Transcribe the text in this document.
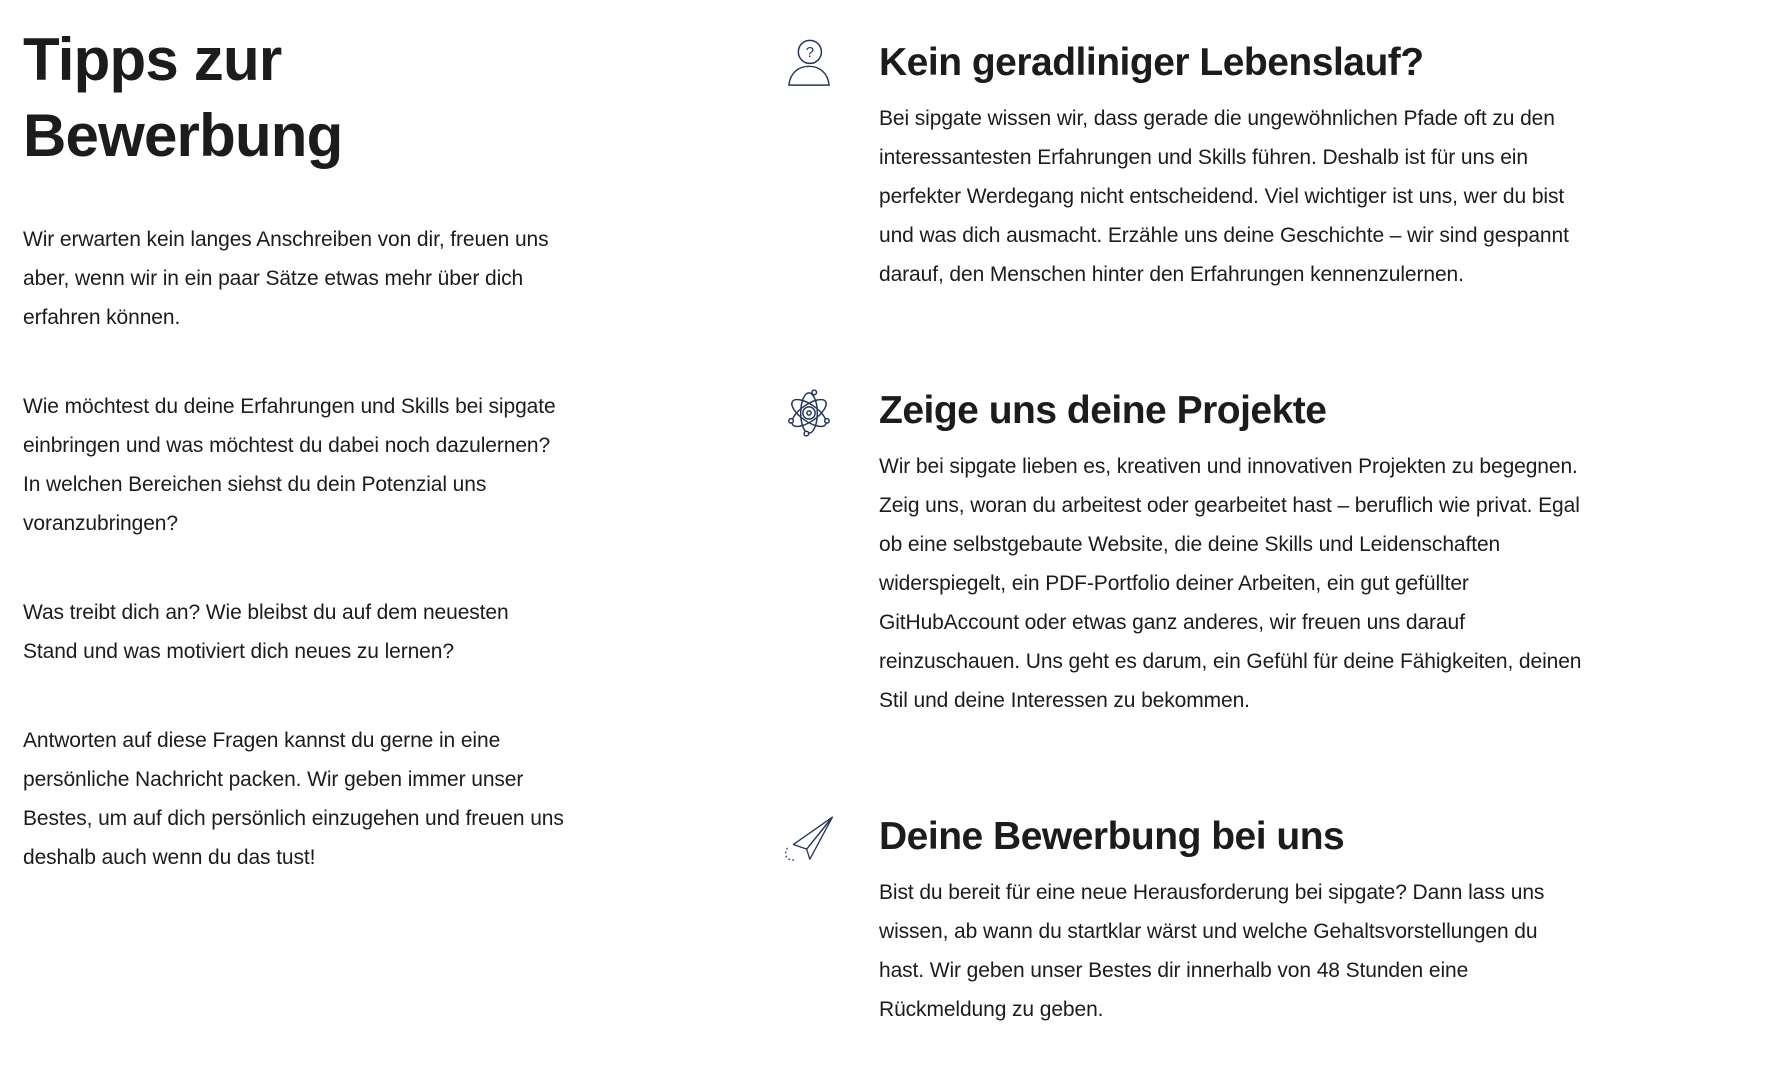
Tipps zur Bewerbung

Wir erwarten kein langes Anschreiben von dir, freuen uns aber, wenn wir in ein paar Sätze etwas mehr über dich erfahren können.

Wie möchtest du deine Erfahrungen und Skills bei sipgate einbringen und was möchtest du dabei noch dazulernen? In welchen Bereichen siehst du dein Potenzial uns voranzubringen?

Was treibt dich an? Wie bleibst du auf dem neuesten Stand und was motiviert dich neues zu lernen?

Antworten auf diese Fragen kannst du gerne in eine persönliche Nachricht packen. Wir geben immer unser Bestes, um auf dich persönlich einzugehen und freuen uns deshalb auch wenn du das tust!

? Kein geradliniger Lebenslauf?

Bei sipgate wissen wir, dass gerade die ungewöhnlichen Pfade oft zu den interessantesten Erfahrungen und Skills führen. Deshalb ist für uns ein perfekter Werdegang nicht entscheidend. Viel wichtiger ist uns, wer du bist und was dich ausmacht. Erzähle uns deine Geschichte – wir sind gespannt darauf, den Menschen hinter den Erfahrungen kennenzulernen.

Zeige uns deine Projekte

Wir bei sipgate lieben es, kreativen und innovativen Projekten zu begegnen. Zeig uns, woran du arbeitest oder gearbeitet hast – beruflich wie privat. Egal ob eine selbstgebaute Website, die deine Skills und Leidenschaften widerspiegelt, ein PDF-Portfolio deiner Arbeiten, ein gut gefüllter GitHubAccount oder etwas ganz anderes, wir freuen uns darauf reinzuschauen. Uns geht es darum, ein Gefühl für deine Fähigkeiten, deinen Stil und deine Interessen zu bekommen.

Deine Bewerbung bei uns

Bist du bereit für eine neue Herausforderung bei sipgate? Dann lass uns wissen, ab wann du startklar wärst und welche Gehaltsvorstellungen du hast. Wir geben unser Bestes dir innerhalb von 48 Stunden eine Rückmeldung zu geben.
